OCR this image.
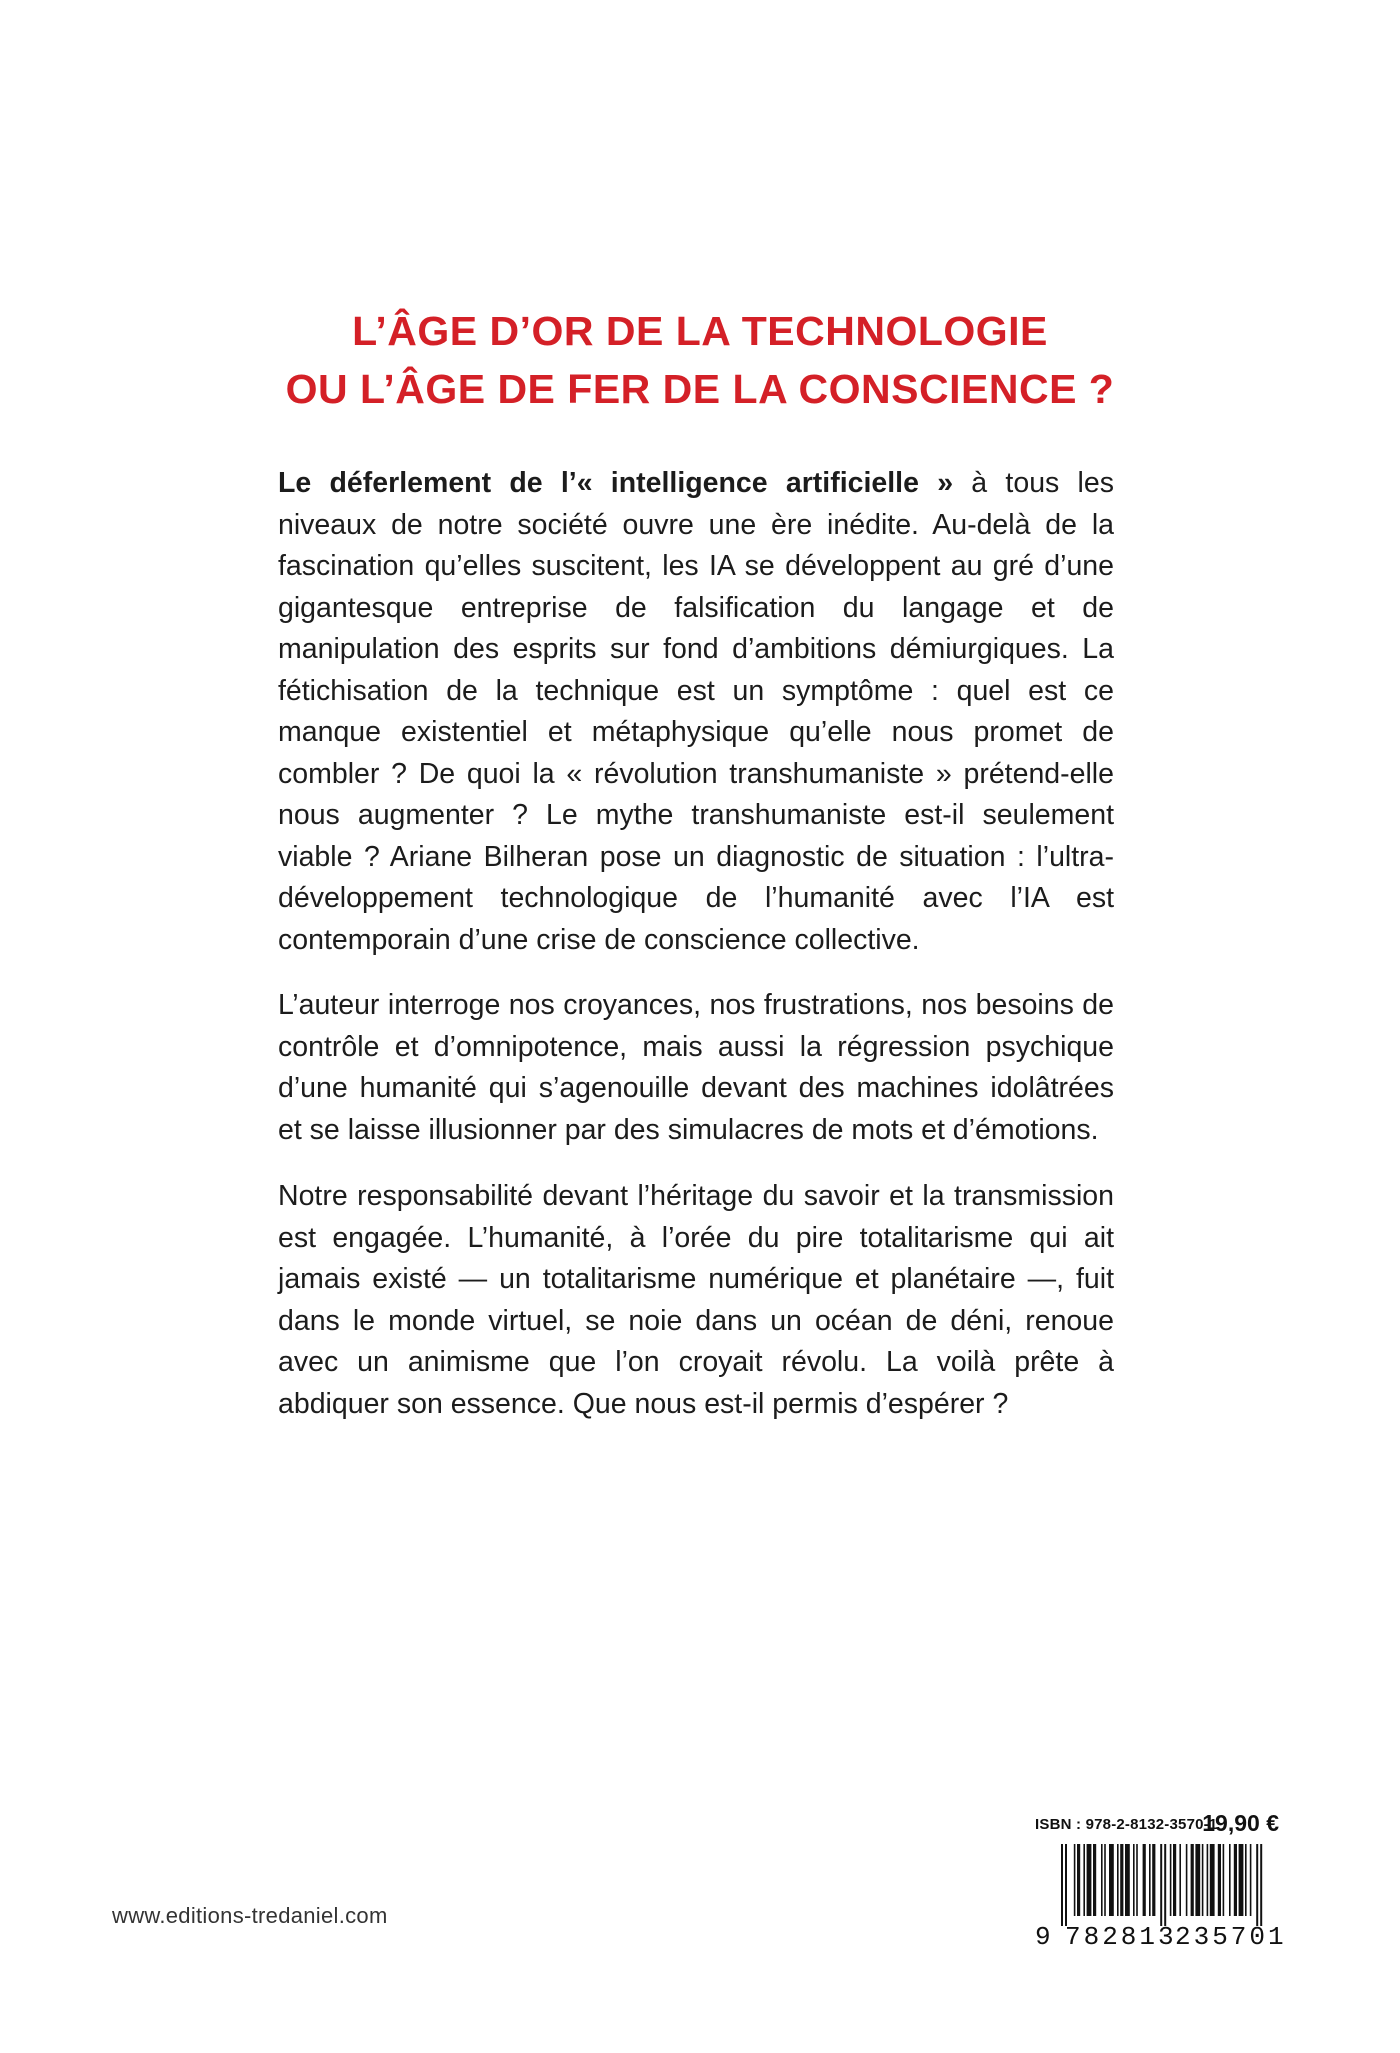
L’ÂGE D’OR DE LA TECHNOLOGIE
OU L’ÂGE DE FER DE LA CONSCIENCE ?

Le déferlement de l’« intelligence artificielle » à tous les niveaux de notre société ouvre une ère inédite. Au-delà de la fascination qu’elles suscitent, les IA se développent au gré d’une gigantesque entreprise de falsification du langage et de manipulation des esprits sur fond d’ambitions démiurgiques. La fétichisation de la technique est un symptôme : quel est ce manque existentiel et métaphysique qu’elle nous promet de combler ? De quoi la « révolution transhumaniste » prétend-elle nous augmenter ? Le mythe transhumaniste est-il seulement viable ? Ariane Bilheran pose un diagnostic de situation : l’ultra-développement technologique de l’humanité avec l’IA est contemporain d’une crise de conscience collective.

L’auteur interroge nos croyances, nos frustrations, nos besoins de contrôle et d’omnipotence, mais aussi la régression psychique d’une humanité qui s’agenouille devant des machines idolâtrées et se laisse illusionner par des simulacres de mots et d’émotions.

Notre responsabilité devant l’héritage du savoir et la transmission est engagée. L’humanité, à l’orée du pire totalitarisme qui ait jamais existé — un totalitarisme numérique et planétaire —, fuit dans le monde virtuel, se noie dans un océan de déni, renoue avec un animisme que l’on croyait révolu. La voilà prête à abdiquer son essence. Que nous est-il permis d’espérer ?

www.editions-tredaniel.com
ISBN : 978-2-8132-3570-1
19,90 €
9 782813
235701
